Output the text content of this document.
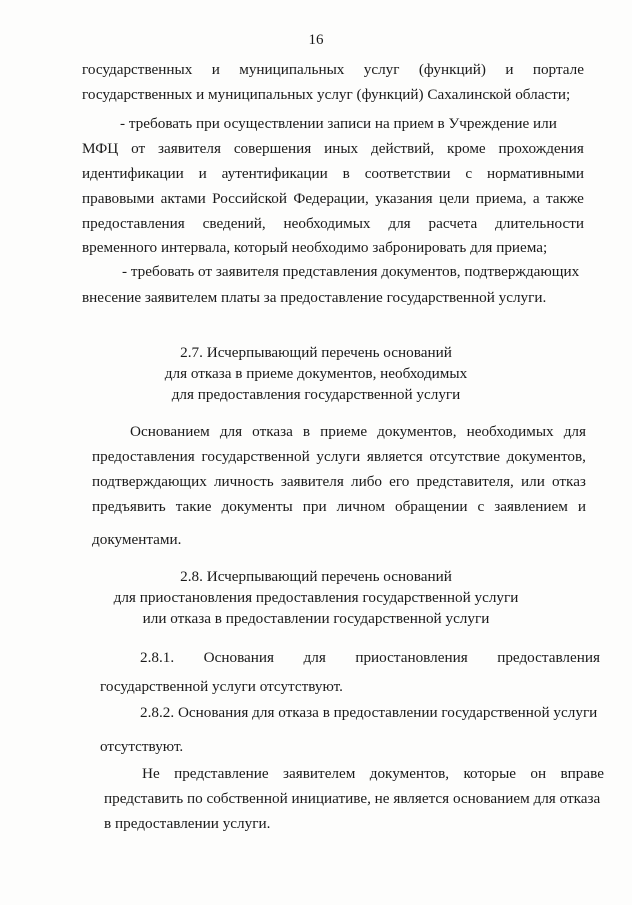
16
государственных и муниципальных услуг (функций) и портале
государственных и муниципальных услуг (функций) Сахалинской области;
- требовать при осуществлении записи на прием в Учреждение или
МФЦ от заявителя совершения иных действий, кроме прохождения
идентификации и аутентификации в соответствии с нормативными
правовыми актами Российской Федерации, указания цели приема, а также
предоставления сведений, необходимых для расчета длительности
временного интервала, который необходимо забронировать для приема;
- требовать от заявителя представления документов, подтверждающих
внесение заявителем платы за предоставление государственной услуги.
2.7. Исчерпывающий перечень оснований
для отказа в приеме документов, необходимых
для предоставления государственной услуги
Основанием для отказа в приеме документов, необходимых для
предоставления государственной услуги является отсутствие документов,
подтверждающих личность заявителя либо его представителя, или отказ
предъявить такие документы при личном обращении с заявлением и
документами.
2.8. Исчерпывающий перечень оснований
для приостановления предоставления государственной услуги
или отказа в предоставлении государственной услуги
2.8.1. Основания для приостановления предоставления
государственной услуги отсутствуют.
2.8.2. Основания для отказа в предоставлении государственной услуги
отсутствуют.
Не представление заявителем документов, которые он вправе
представить по собственной инициативе, не является основанием для отказа
в предоставлении услуги.
